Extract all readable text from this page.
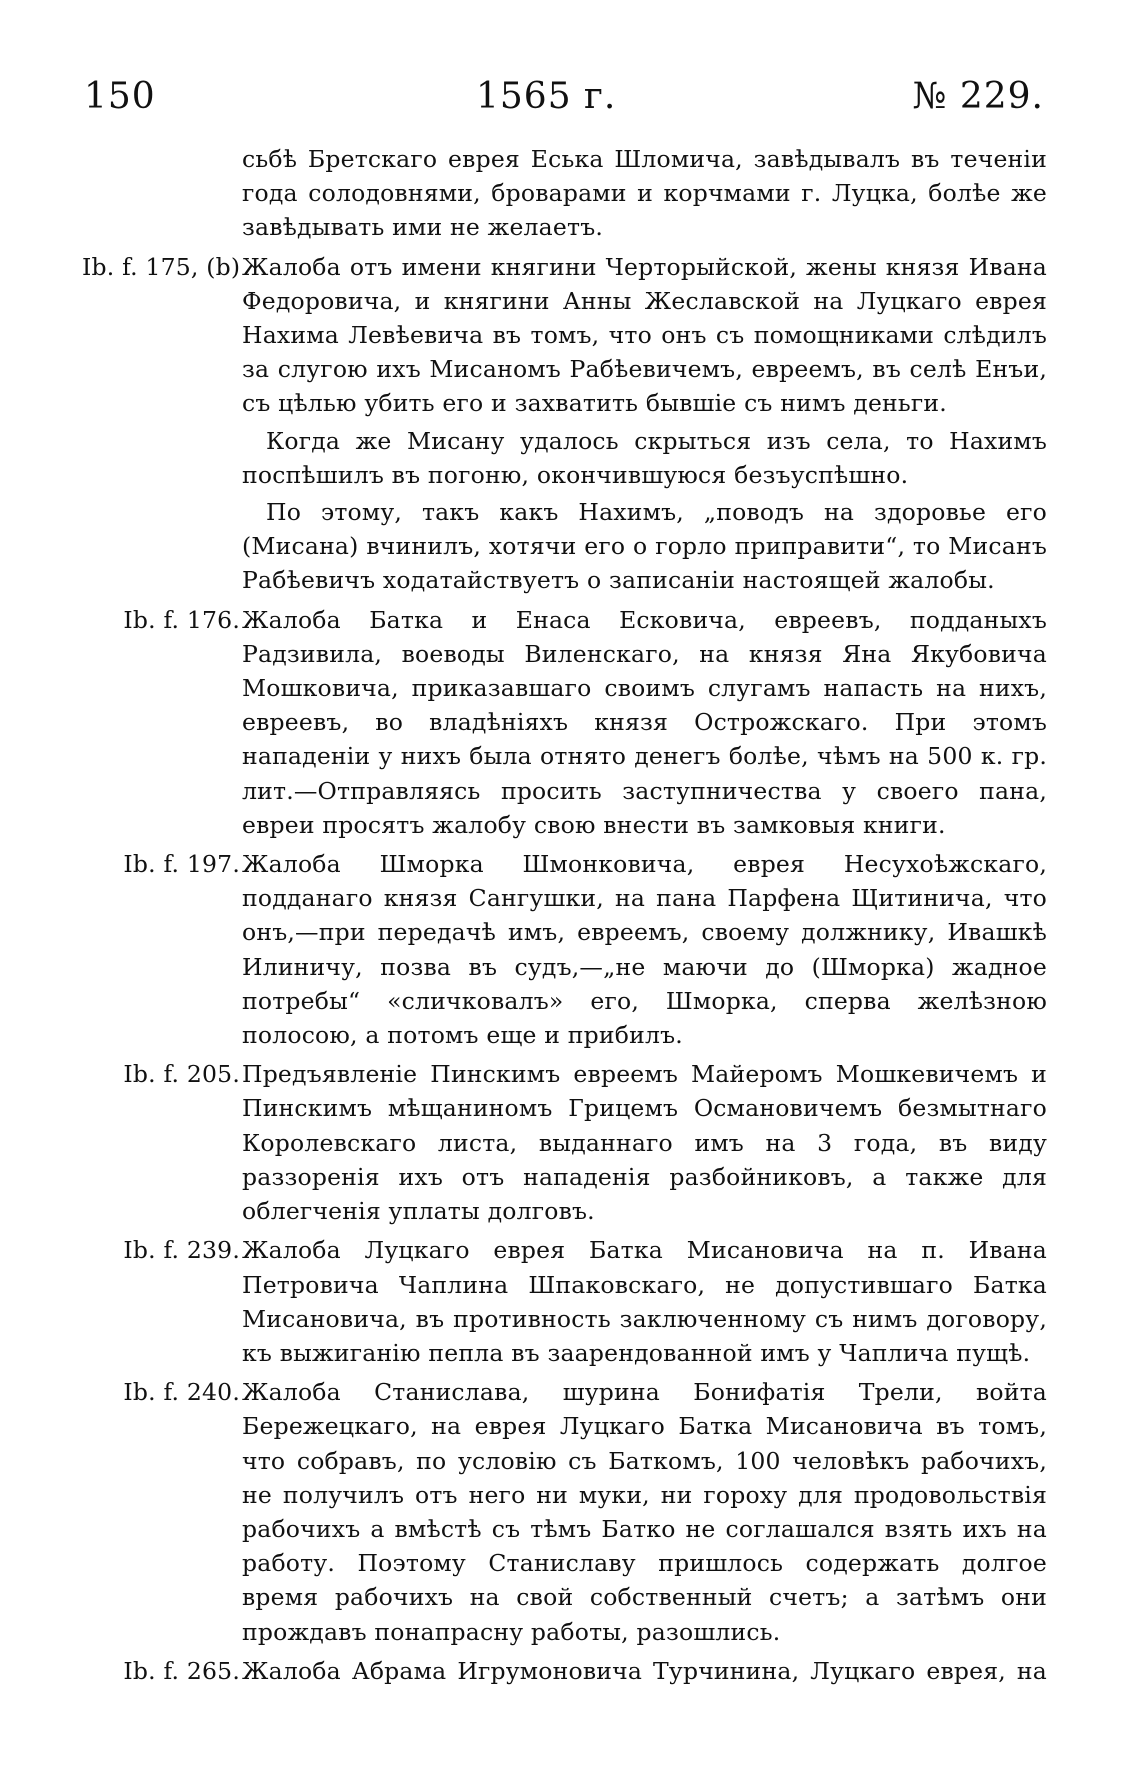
150	1565 г.	№ 229.
сьбѣ Бретскаго еврея Еська Шломича, завѣдывалъ въ теченіи года солодовнями, броварами и корчмами г. Луцка, болѣе же завѣдывать ими не желаетъ.
Ib. f. 175, (b) Жалоба отъ имени княгини Черторыйской, жены князя Ивана Федоровича, и княгини Анны Жеславской на Луцкаго еврея Нахима Левѣевича въ томъ, что онъ съ помощниками слѣдилъ за слугою ихъ Мисаномъ Рабѣевичемъ, евреемъ, въ селѣ Енъи, съ цѣлью убить его и захватить бывшіе съ нимъ деньги.
Когда же Мисану удалось скрыться изъ села, то Нахимъ поспѣшилъ въ погоню, окончившуюся безъуспѣшно.
По этому, такъ какъ Нахимъ, „поводъ на здоровье его (Мисана) вчинилъ, хотячи его о горло приправити“, то Мисанъ Рабѣевичъ ходатайствуетъ о записаніи настоящей жалобы.
Ib. f. 176. Жалоба Батка и Енаса Есковича, евреевъ, подданыхъ Радзивила, воеводы Виленскаго, на князя Яна Якубовича Мошковича, приказавшаго своимъ слугамъ напасть на нихъ, евреевъ, во владѣніяхъ князя Острожскаго. При этомъ нападеніи у нихъ была отнято денегъ болѣе, чѣмъ на 500 к. гр. лит.—Отправляясь просить заступничества у своего пана, евреи просятъ жалобу свою внести въ замковыя книги.
Ib. f. 197. Жалоба Шморка Шмонковича, еврея Несухоѣжскаго, подданаго князя Сангушки, на пана Парфена Щитинича, что онъ,—при передачѣ имъ, евреемъ, своему должнику, Ивашкѣ Илиничу, позва въ судъ,—„не маючи до (Шморка) жадное потребы“ «сличковалъ» его, Шморка, сперва желѣзною полосою, а потомъ еще и прибилъ.
Ib. f. 205. Предъявленіе Пинскимъ евреемъ Майеромъ Мошкевичемъ и Пинскимъ мѣщаниномъ Грицемъ Османовичемъ безмытнаго Королевскаго листа, выданнаго имъ на 3 года, въ виду раззоренія ихъ отъ нападенія разбойниковъ, а также для облегченія уплаты долговъ.
Ib. f. 239. Жалоба Луцкаго еврея Батка Мисановича на п. Ивана Петровича Чаплина Шпаковскаго, не допустившаго Батка Мисановича, въ противность заключенному съ нимъ договору, къ выжиганію пепла въ заарендованной имъ у Чаплича пущѣ.
Ib. f. 240. Жалоба Станислава, шурина Бонифатія Трели, войта Бережецкаго, на еврея Луцкаго Батка Мисановича въ томъ, что собравъ, по условію съ Баткомъ, 100 человѣкъ рабочихъ, не получилъ отъ него ни муки, ни гороху для продовольствія рабочихъ а вмѣстѣ съ тѣмъ Батко не соглашался взять ихъ на работу. Поэтому Станиславу пришлось содержать долгое время рабочихъ на свой собственный счетъ; а затѣмъ они прождавъ понапрасну работы, разошлись.
Ib. f. 265. Жалоба Абрама Игрумоновича Турчинина, Луцкаго еврея, на
